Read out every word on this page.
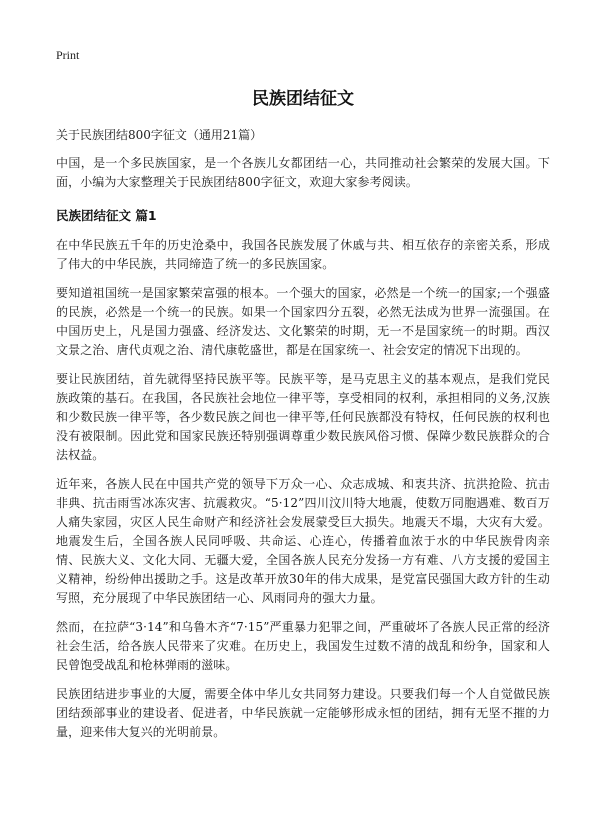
Print
民族团结征文
关于民族团结800字征文（通用21篇）

中国，是一个多民族国家，是一个各族儿女都团结一心，共同推动社会繁荣的发展大国。下面，小编为大家整理关于民族团结800字征文，欢迎大家参考阅读。

民族团结征文 篇1

在中华民族五千年的历史沧桑中，我国各民族发展了休戚与共、相互依存的亲密关系，形成了伟大的中华民族，共同缔造了统一的多民族国家。

要知道祖国统一是国家繁荣富强的根本。一个强大的国家，必然是一个统一的国家;一个强盛的民族，必然是一个统一的民族。如果一个国家四分五裂，必然无法成为世界一流强国。在中国历史上，凡是国力强盛、经济发达、文化繁荣的时期，无一不是国家统一的时期。西汉文景之治、唐代贞观之治、清代康乾盛世，都是在国家统一、社会安定的情况下出现的。

要让民族团结，首先就得坚持民族平等。民族平等，是马克思主义的基本观点，是我们党民族政策的基石。在我国，各民族社会地位一律平等，享受相同的权利，承担相同的义务,汉族和少数民族一律平等，各少数民族之间也一律平等,任何民族都没有特权，任何民族的权利也没有被限制。因此党和国家民族还特别强调尊重少数民族风俗习惯、保障少数民族群众的合法权益。

近年来，各族人民在中国共产党的领导下万众一心、众志成城、和衷共济、抗洪抢险、抗击非典、抗击雨雪冰冻灾害、抗震救灾。“5·12”四川汶川特大地震，使数万同胞遇难、数百万人痛失家园，灾区人民生命财产和经济社会发展蒙受巨大损失。地震天不塌，大灾有大爱。地震发生后，全国各族人民同呼吸、共命运、心连心，传播着血浓于水的中华民族骨肉亲情、民族大义、文化大同、无疆大爱，全国各族人民充分发扬一方有难、八方支援的爱国主义精神，纷纷伸出援助之手。这是改革开放30年的伟大成果，是党富民强国大政方针的生动写照，充分展现了中华民族团结一心、风雨同舟的强大力量。

然而，在拉萨“3·14”和乌鲁木齐“7·15”严重暴力犯罪之间，严重破坏了各族人民正常的经济社会生活，给各族人民带来了灾难。在历史上，我国发生过数不清的战乱和纷争，国家和人民曾饱受战乱和枪林弹雨的滋味。

民族团结进步事业的大厦，需要全体中华儿女共同努力建设。只要我们每一个人自觉做民族团结颈部事业的建设者、促进者，中华民族就一定能够形成永恒的团结，拥有无坚不摧的力量，迎来伟大复兴的光明前景。
